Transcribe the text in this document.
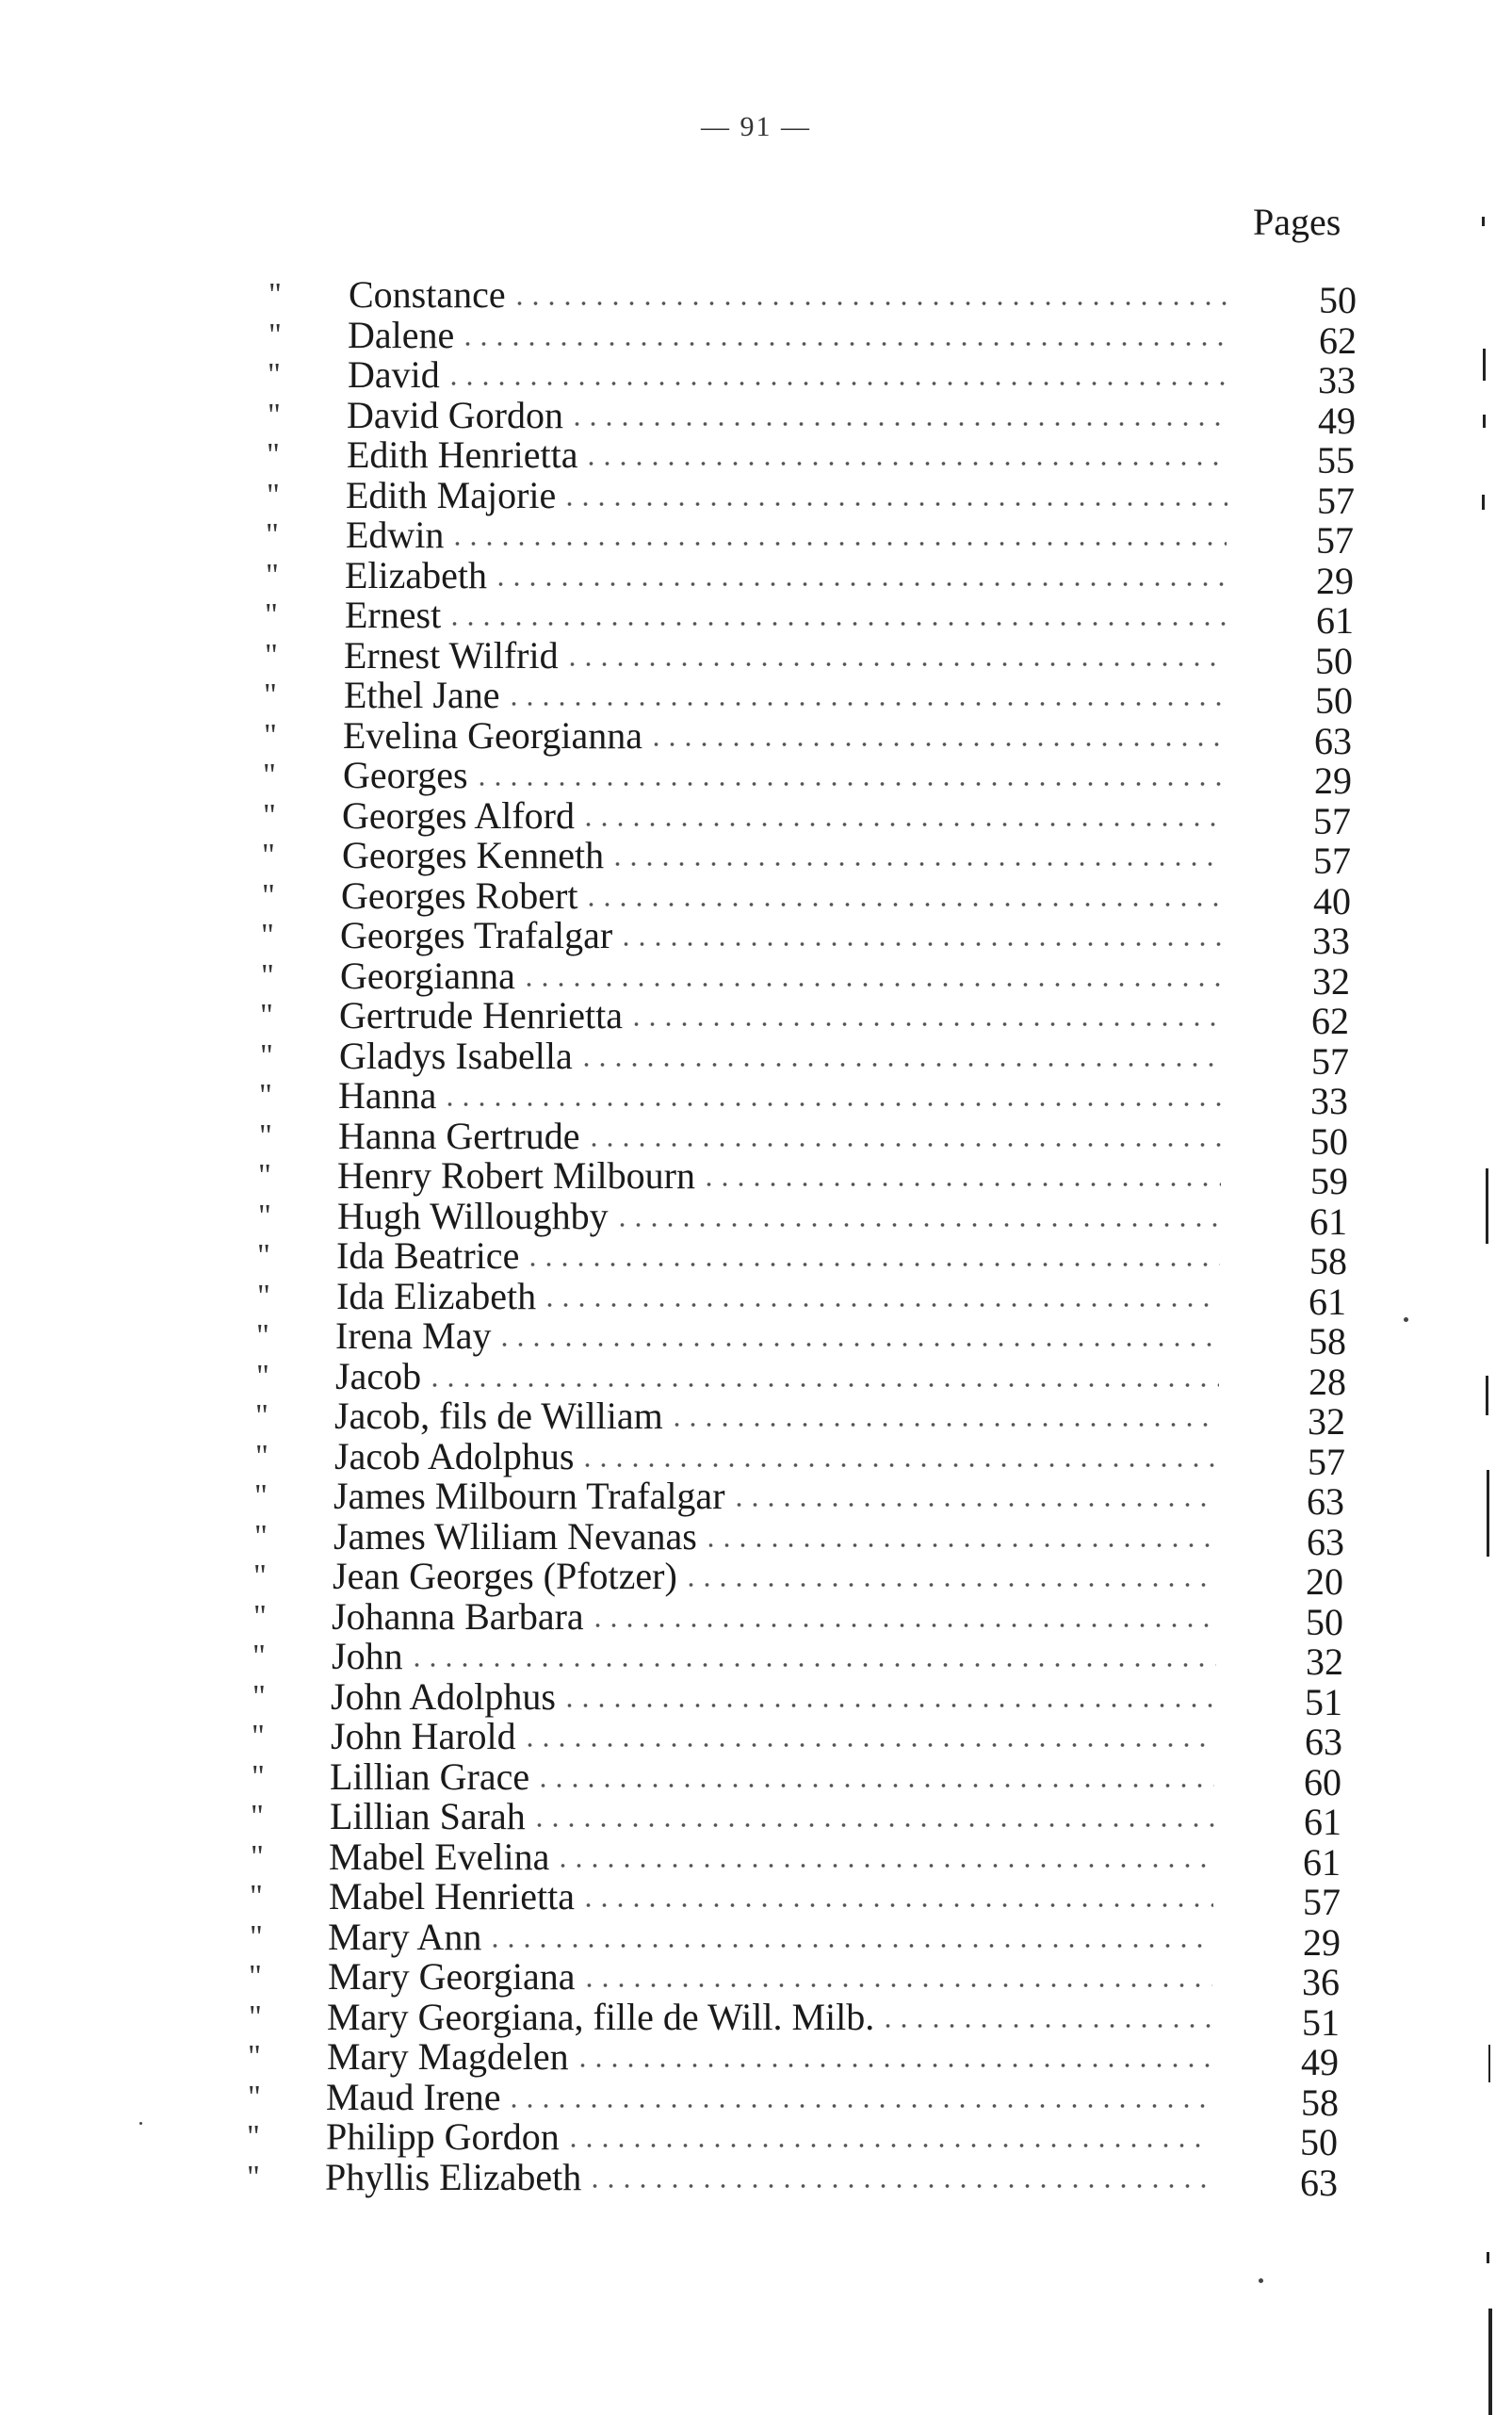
— 91 —
Pages
" Constance	50
" Dalene	62
" David	33
" David Gordon	49
" Edith Henrietta	55
" Edith Majorie	57
" Edwin	57
" Elizabeth	29
" Ernest	61
" Ernest Wilfrid	50
" Ethel Jane	50
" Evelina Georgianna	63
" Georges	29
" Georges Alford	57
" Georges Kenneth	57
" Georges Robert	40
" Georges Trafalgar	33
" Georgianna	32
" Gertrude Henrietta	62
" Gladys Isabella	57
" Hanna	33
" Hanna Gertrude	50
" Henry Robert Milbourn	59
" Hugh Willoughby	61
" Ida Beatrice	58
" Ida Elizabeth	61
" Irena May	58
" Jacob	28
" Jacob, fils de William	32
" Jacob Adolphus	57
" James Milbourn Trafalgar	63
" James Wliliam Nevanas	63
" Jean Georges (Pfotzer)	20
" Johanna Barbara	50
" John	32
" John Adolphus	51
" John Harold	63
" Lillian Grace	60
" Lillian Sarah	61
" Mabel Evelina	61
" Mabel Henrietta	57
" Mary Ann	29
" Mary Georgiana	36
" Mary Georgiana, fille de Will. Milb.	51
" Mary Magdelen	49
" Maud Irene	58
" Philipp Gordon	50
" Phyllis Elizabeth	63
